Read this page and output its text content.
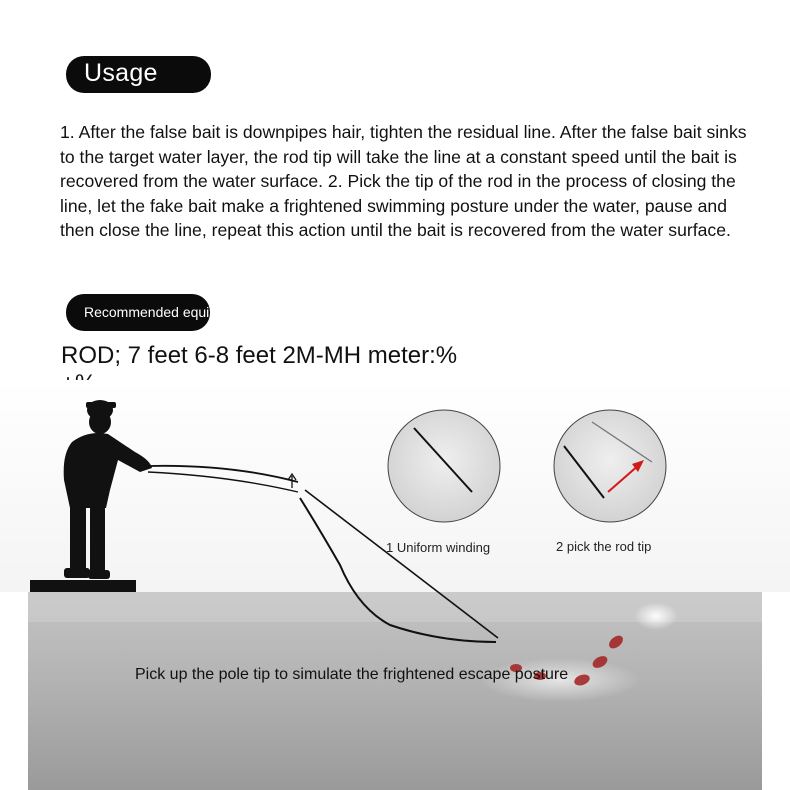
Usage

1. After the false bait is downpipes hair, tighten the residual line. After the false bait sinks to the target water layer, the rod tip will take the line at a constant speed until the bait is recovered from the water surface. 2. Pick the tip of the rod in the process of closing the line, let the fake bait make a frightened swimming posture under the water, pause and then close the line, repeat this action until the bait is recovered from the water surface.

Recommended equipment

ROD; 7 feet 6-8 feet 2M-MH meter:%

1 Uniform winding	2 pick the rod tip
Pick up the pole tip to simulate the frightened escape posture
